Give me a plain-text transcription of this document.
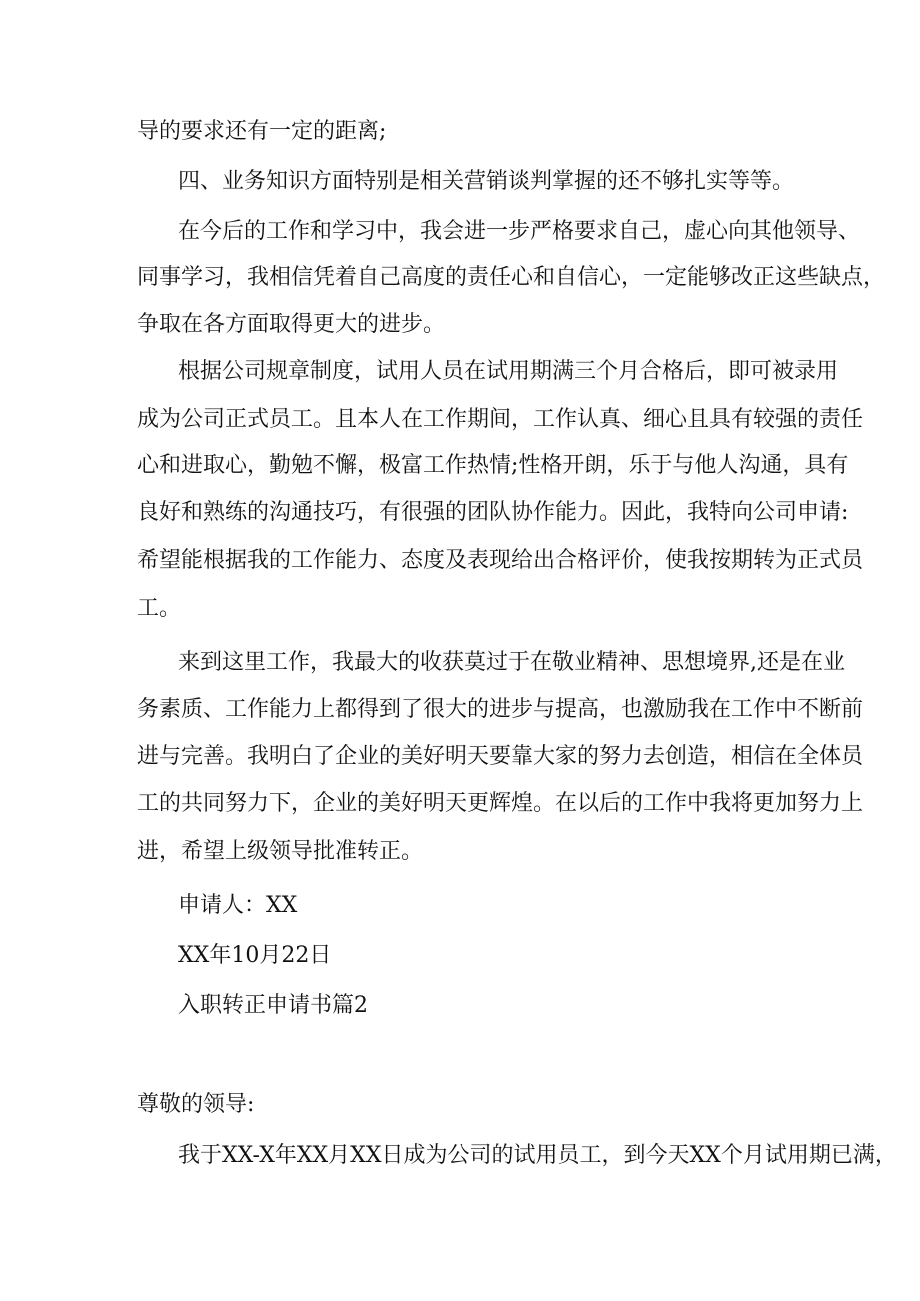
导的要求还有一定的距离;
四、业务知识方面特别是相关营销谈判掌握的还不够扎实等等。
在今后的工作和学习中，我会进一步严格要求自己，虚心向其他领导、
同事学习，我相信凭着自己高度的责任心和自信心，一定能够改正这些缺点，
争取在各方面取得更大的进步。
根据公司规章制度，试用人员在试用期满三个月合格后，即可被录用
成为公司正式员工。且本人在工作期间，工作认真、细心且具有较强的责任
心和进取心，勤勉不懈，极富工作热情;性格开朗，乐于与他人沟通，具有
良好和熟练的沟通技巧，有很强的团队协作能力。因此，我特向公司申请:
希望能根据我的工作能力、态度及表现给出合格评价，使我按期转为正式员
工。
来到这里工作，我最大的收获莫过于在敬业精神、思想境界,还是在业
务素质、工作能力上都得到了很大的进步与提高，也激励我在工作中不断前
进与完善。我明白了企业的美好明天要靠大家的努力去创造，相信在全体员
工的共同努力下，企业的美好明天更辉煌。在以后的工作中我将更加努力上
进，希望上级领导批准转正。
申请人：XX
XX年10月22日
入职转正申请书篇2
尊敬的领导:
我于XX-X年XX月XX日成为公司的试用员工，到今天XX个月试用期已满，
